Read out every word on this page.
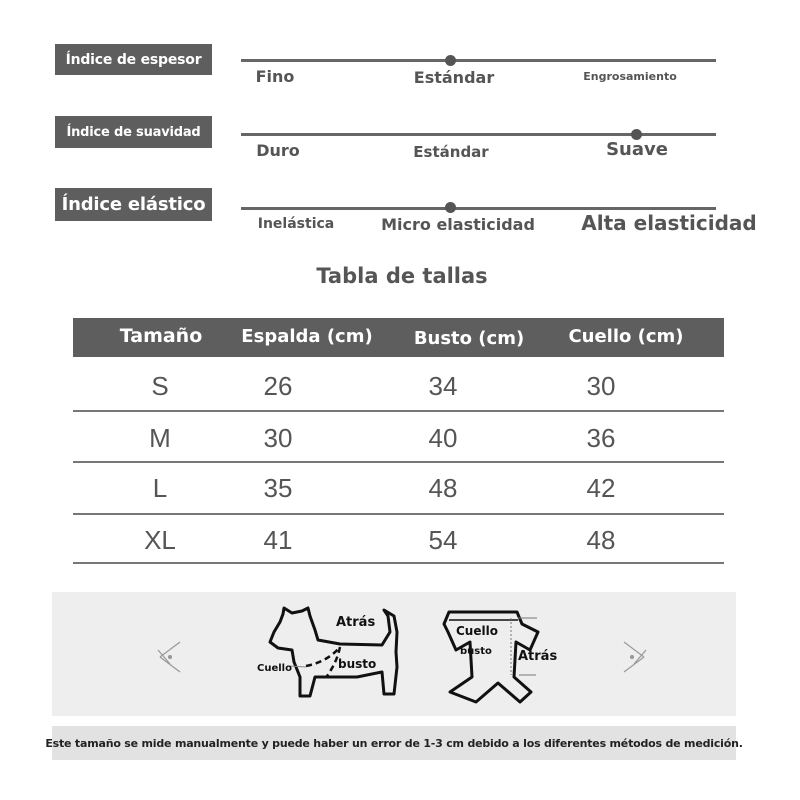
Índice de espesor
Fino	Estándar	Engrosamiento
Índice de suavidad
Duro	Estándar	Suave
Índice elástico
Inelástica	Micro elasticidad Alta elasticidad
Tabla de tallas
Tamaño Espalda (cm) Busto (cm) Cuello (cm)
S	26	34	30
M	30	40	36
L	35	48	42
XL	41	54	48
Atrás
Cuello	busto
Cuello
busto Atrás
Este tamaño se mide manualmente y puede haber un error de 1-3 cm debido a los diferentes métodos de medición.
